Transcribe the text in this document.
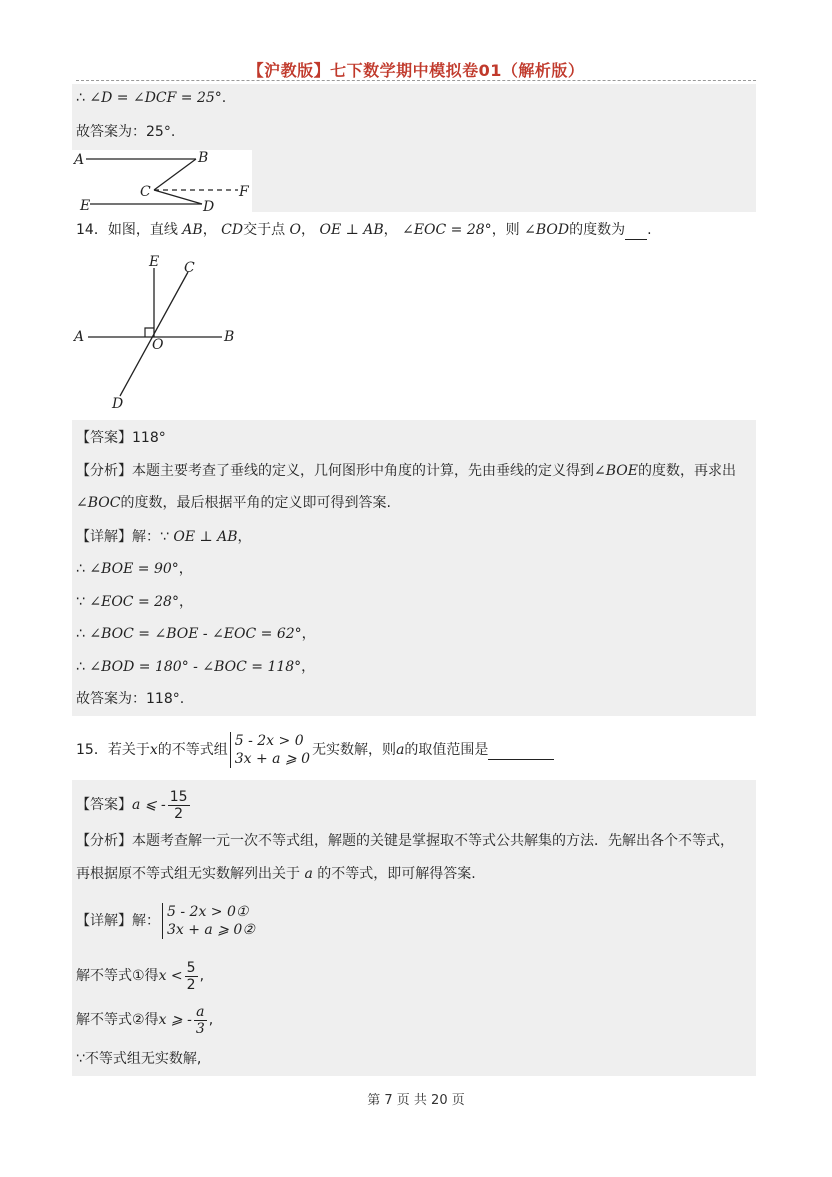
【沪教版】七下数学期中模拟卷01（解析版）
∴ ∠D = ∠DCF = 25°.
故答案为：25°.
A	B
C	F
E	D
14．如图，直线 AB， CD交于点 O， OE ⊥ AB， ∠EOC = 28°，则 ∠BOD的度数为 .
E C
A	O	B
D
【答案】118°
【分析】本题主要考查了垂线的定义，几何图形中角度的计算，先由垂线的定义得到∠BOE的度数，再求出
∠BOC的度数，最后根据平角的定义即可得到答案.
【详解】解：∵ OE ⊥ AB，
∴ ∠BOE = 90°，
∵ ∠EOC = 28°，
∴ ∠BOC = ∠BOE - ∠EOC = 62°，
∴ ∠BOD = 180° - ∠BOC = 118°，
故答案为：118°.
15．若关于x的不等式组5 - 2x > 0
3x + a ⩾ 0无实数解，则a的取值范围是
【答案】a ⩽ - $\frac{15}{2}$
【分析】本题考查解一元一次不等式组，解题的关键是掌握取不等式公共解集的方法．先解出各个不等式，
再根据原不等式组无实数解列出关于 a 的不等式，即可解得答案.
【详解】解：5 - 2x > 0①
3x + a ⩾ 0②
解不等式①得$x < \frac{5}{2}$ ,
解不等式②得x ⩾ - $\frac{a}{3}$ ,
∵不等式组无实数解,
第 7 页 共 20 页
